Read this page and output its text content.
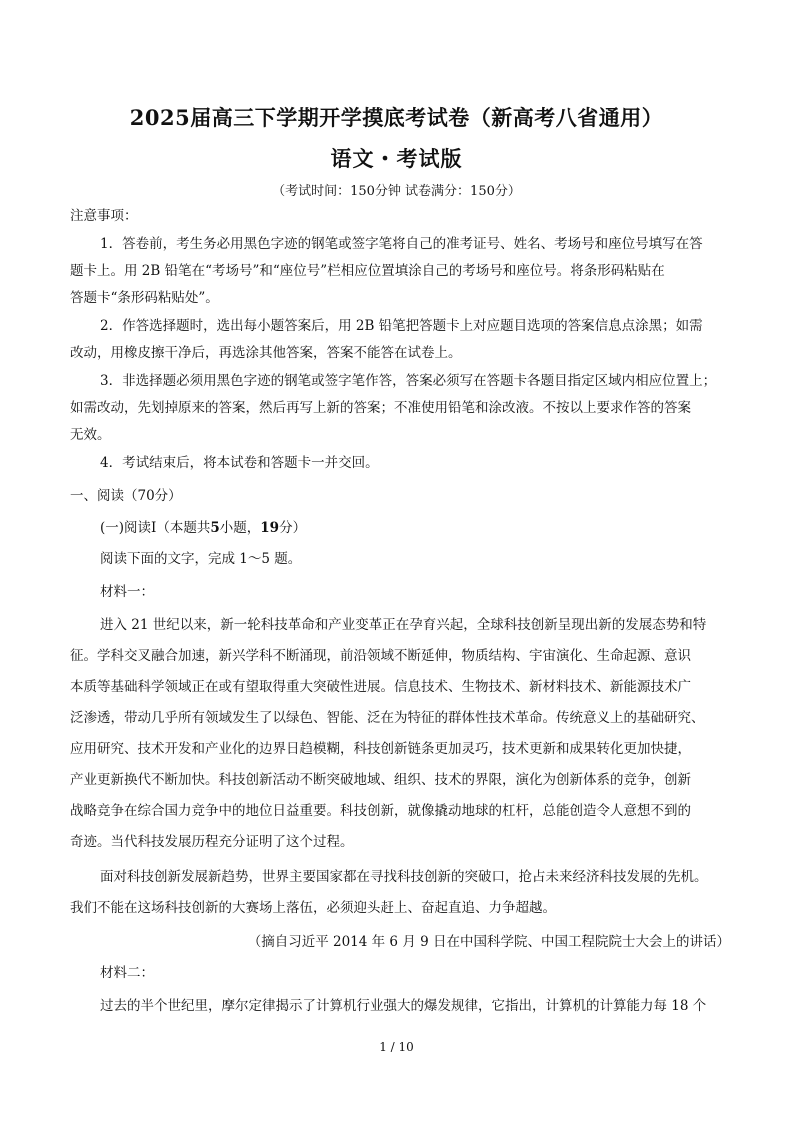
2025届高三下学期开学摸底考试卷（新高考八省通用）
语文・考试版
（考试时间：150分钟 试卷满分：150分）
注意事项：
1．答卷前，考生务必用黑色字迹的钢笔或签字笔将自己的准考证号、姓名、考场号和座位号填写在答
题卡上。用 2B 铅笔在“考场号”和“座位号”栏相应位置填涂自己的考场号和座位号。将条形码粘贴在
答题卡“条形码粘贴处”。
2．作答选择题时，选出每小题答案后，用 2B 铅笔把答题卡上对应题目选项的答案信息点涂黑；如需
改动，用橡皮擦干净后，再选涂其他答案，答案不能答在试卷上。
3．非选择题必须用黑色字迹的钢笔或签字笔作答，答案必须写在答题卡各题目指定区域内相应位置上；
如需改动，先划掉原来的答案，然后再写上新的答案；不准使用铅笔和涂改液。不按以上要求作答的答案
无效。
4．考试结束后，将本试卷和答题卡一并交回。
一、阅读（70分）
(一)阅读Ⅰ（本题共5小题，19分）
阅读下面的文字，完成 1～5 题。
材料一：
进入 21 世纪以来，新一轮科技革命和产业变革正在孕育兴起，全球科技创新呈现出新的发展态势和特
征。学科交叉融合加速，新兴学科不断涌现，前沿领域不断延伸，物质结构、宇宙演化、生命起源、意识
本质等基础科学领域正在或有望取得重大突破性进展。信息技术、生物技术、新材料技术、新能源技术广
泛渗透，带动几乎所有领域发生了以绿色、智能、泛在为特征的群体性技术革命。传统意义上的基础研究、
应用研究、技术开发和产业化的边界日趋模糊，科技创新链条更加灵巧，技术更新和成果转化更加快捷，
产业更新换代不断加快。科技创新活动不断突破地域、组织、技术的界限，演化为创新体系的竞争，创新
战略竞争在综合国力竞争中的地位日益重要。科技创新，就像撬动地球的杠杆，总能创造令人意想不到的
奇迹。当代科技发展历程充分证明了这个过程。
面对科技创新发展新趋势，世界主要国家都在寻找科技创新的突破口，抢占未来经济科技发展的先机。
我们不能在这场科技创新的大赛场上落伍，必须迎头赶上、奋起直追、力争超越。
（摘自习近平 2014 年 6 月 9 日在中国科学院、中国工程院院士大会上的讲话）
材料二：
过去的半个世纪里，摩尔定律揭示了计算机行业强大的爆发规律，它指出，计算机的计算能力每 18 个
1 / 10
